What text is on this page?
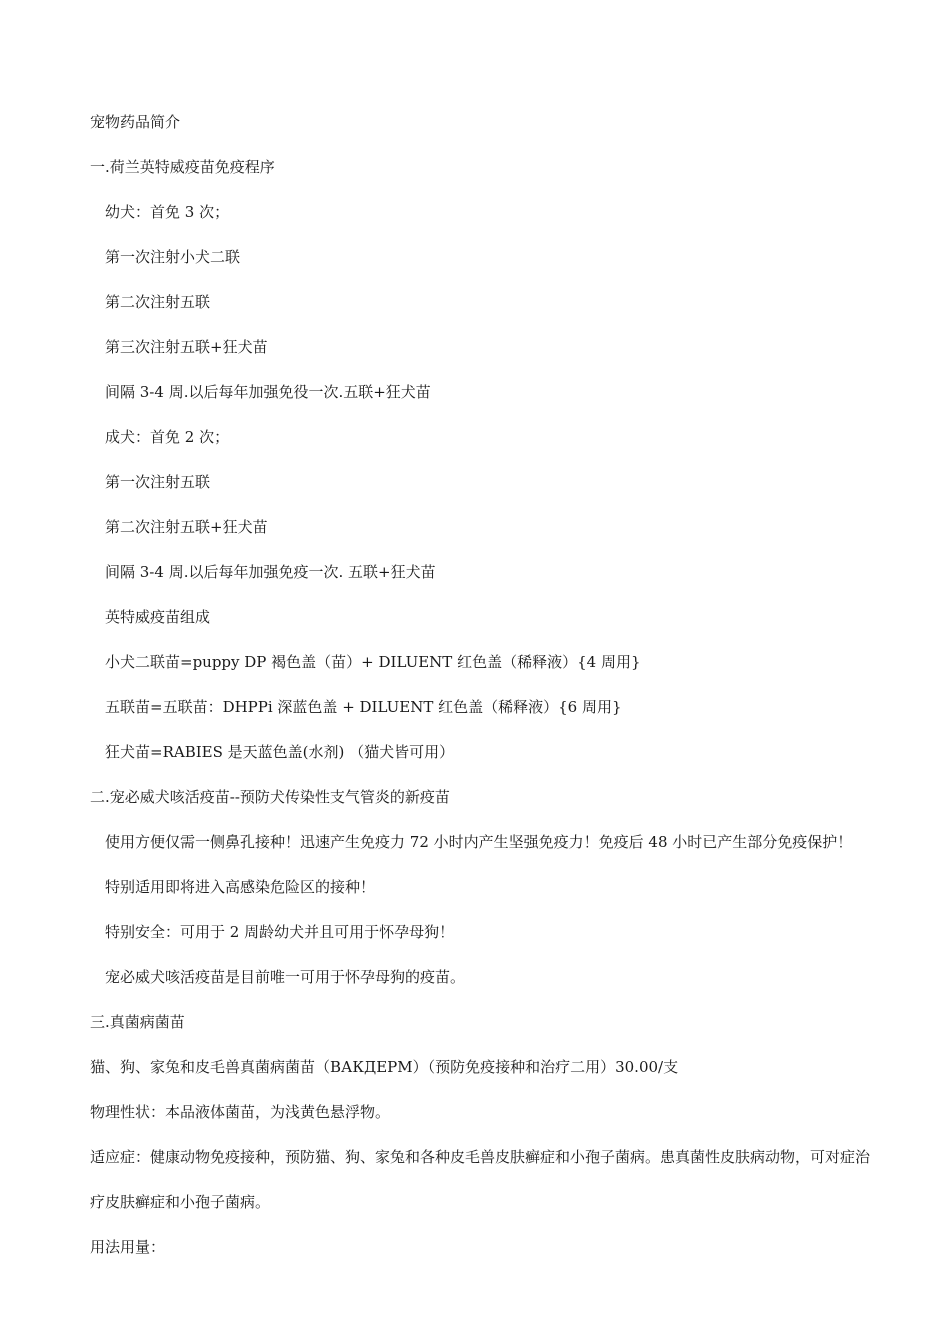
宠物药品简介

一.荷兰英特威疫苗免疫程序

幼犬：首免 3 次；

第一次注射小犬二联

第二次注射五联

第三次注射五联+狂犬苗

间隔 3-4 周.以后每年加强免役一次.五联+狂犬苗

成犬：首免 2 次；

第一次注射五联

第二次注射五联+狂犬苗

间隔 3-4 周.以后每年加强免疫一次. 五联+狂犬苗

英特威疫苗组成

小犬二联苗=puppy DP 褐色盖（苗）+ DILUENT 红色盖（稀释液）{4 周用}

五联苗=五联苗：DHPPi 深蓝色盖 + DILUENT 红色盖（稀释液）{6 周用}

狂犬苗=RABIES 是天蓝色盖(水剂) （猫犬皆可用）

二.宠必威犬咳活疫苗--预防犬传染性支气管炎的新疫苗

使用方便仅需一侧鼻孔接种！迅速产生免疫力 72 小时内产生坚强免疫力！免疫后 48 小时已产生部分免疫保护！

特别适用即将进入高感染危险区的接种！

特别安全：可用于 2 周龄幼犬并且可用于怀孕母狗！

宠必威犬咳活疫苗是目前唯一可用于怀孕母狗的疫苗。

三.真菌病菌苗

猫、狗、家兔和皮毛兽真菌病菌苗（ВАКДЕРМ）（预防免疫接种和治疗二用）30.00/支

物理性状：本品液体菌苗，为浅黄色悬浮物。

适应症：健康动物免疫接种，预防猫、狗、家兔和各种皮毛兽皮肤癣症和小孢子菌病。患真菌性皮肤病动物，可对症治疗皮肤癣症和小孢子菌病。

用法用量：
